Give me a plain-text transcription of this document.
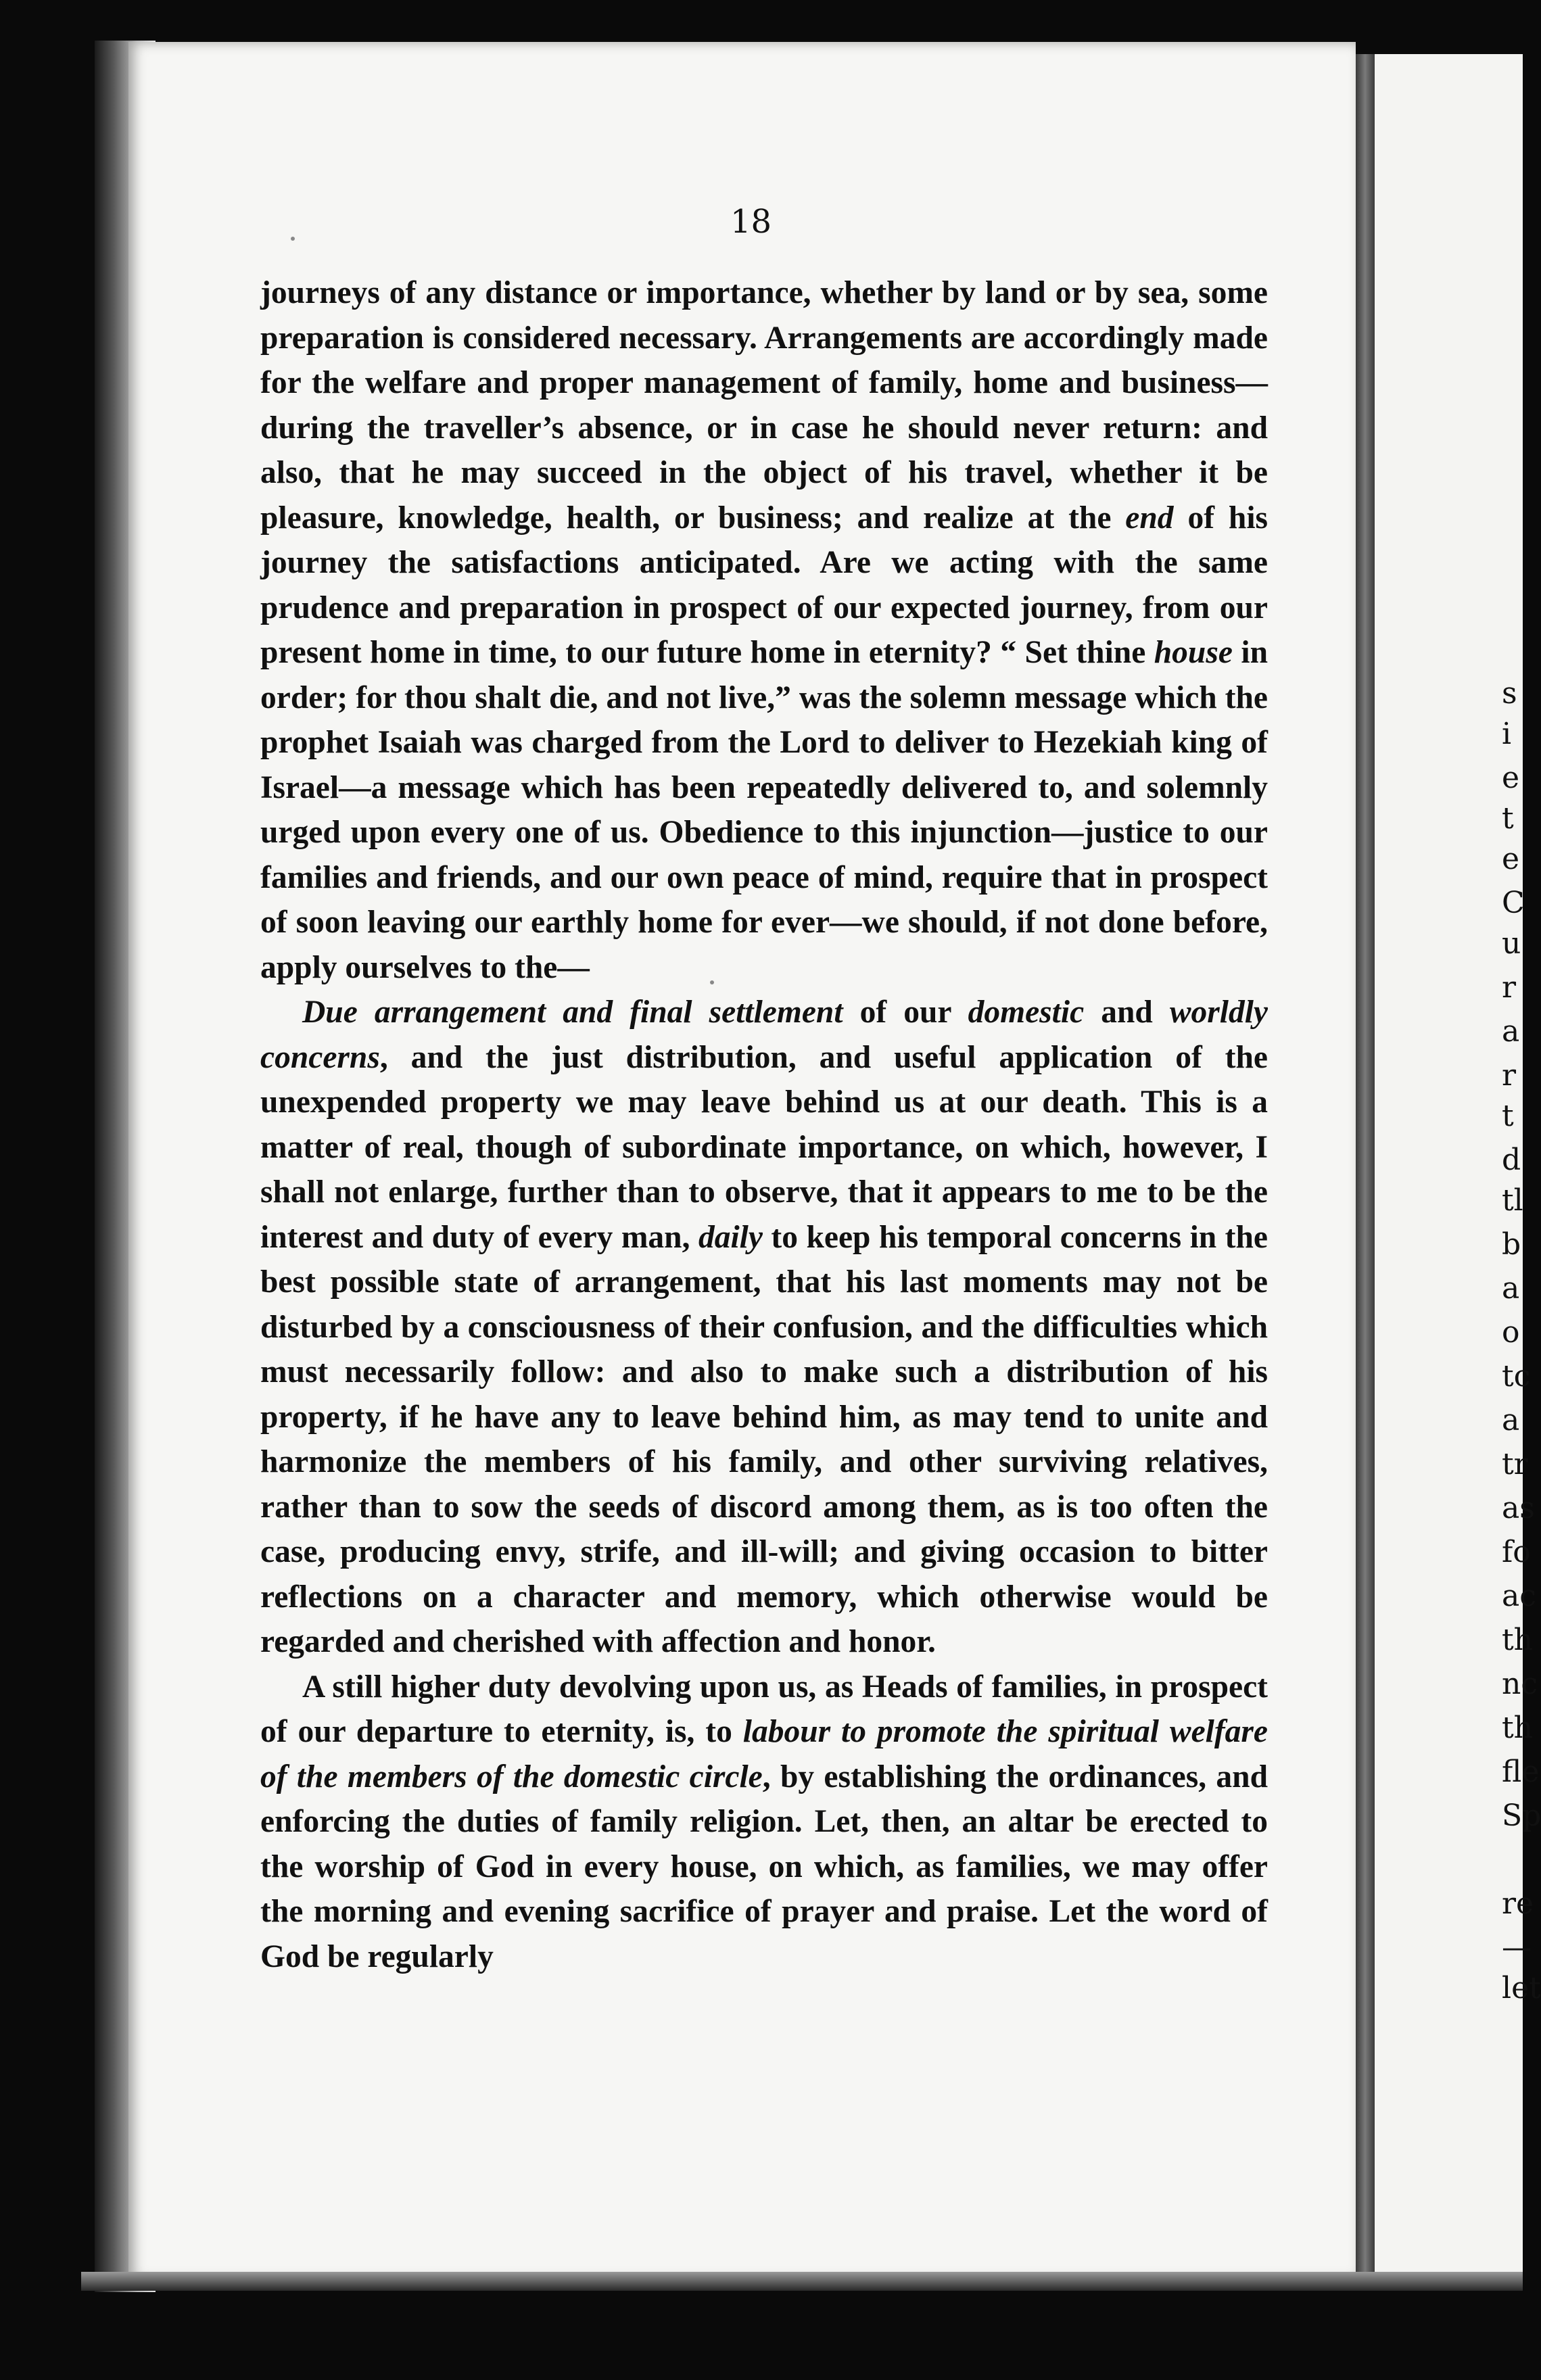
s
i
e
t
e
C
u
r
a
r
t
d
tl
b
a
o
tc
a
tr
as
fo
ac
th
nc
th
fle
Sp
re
—
let
18

journeys of any distance or importance, whether by land or by sea, some preparation is considered necessary. Arrangements are accordingly made for the welfare and proper management of family, home and business—during the traveller’s absence, or in case he should never return: and also, that he may succeed in the object of his travel, whether it be pleasure, knowledge, health, or business; and realize at the end of his journey the satisfactions anticipated. Are we acting with the same prudence and preparation in prospect of our expected journey, from our present home in time, to our future home in eternity? “ Set thine house in order; for thou shalt die, and not live,” was the solemn message which the prophet Isaiah was charged from the Lord to deliver to Hezekiah king of Israel—a message which has been repeatedly delivered to, and solemnly urged upon every one of us. Obedience to this injunction—justice to our families and friends, and our own peace of mind, require that in prospect of soon leaving our earthly home for ever—we should, if not done before, apply ourselves to the—

Due arrangement and final settlement of our domestic and worldly concerns, and the just distribution, and useful application of the unexpended property we may leave behind us at our death. This is a matter of real, though of subordinate importance, on which, however, I shall not enlarge, further than to observe, that it appears to me to be the interest and duty of every man, daily to keep his temporal concerns in the best possible state of arrangement, that his last moments may not be disturbed by a consciousness of their confusion, and the difficulties which must necessarily follow: and also to make such a distribution of his property, if he have any to leave behind him, as may tend to unite and harmonize the members of his family, and other surviving relatives, rather than to sow the seeds of discord among them, as is too often the case, producing envy, strife, and ill-will; and giving occasion to bitter reflections on a character and memory, which otherwise would be regarded and cherished with affection and honor.

A still higher duty devolving upon us, as Heads of families, in prospect of our departure to eternity, is, to labour to promote the spiritual welfare of the members of the domestic circle, by establishing the ordinances, and enforcing the duties of family religion. Let, then, an altar be erected to the worship of God in every house, on which, as families, we may offer the morning and evening sacrifice of prayer and praise. Let the word of God be regularly
